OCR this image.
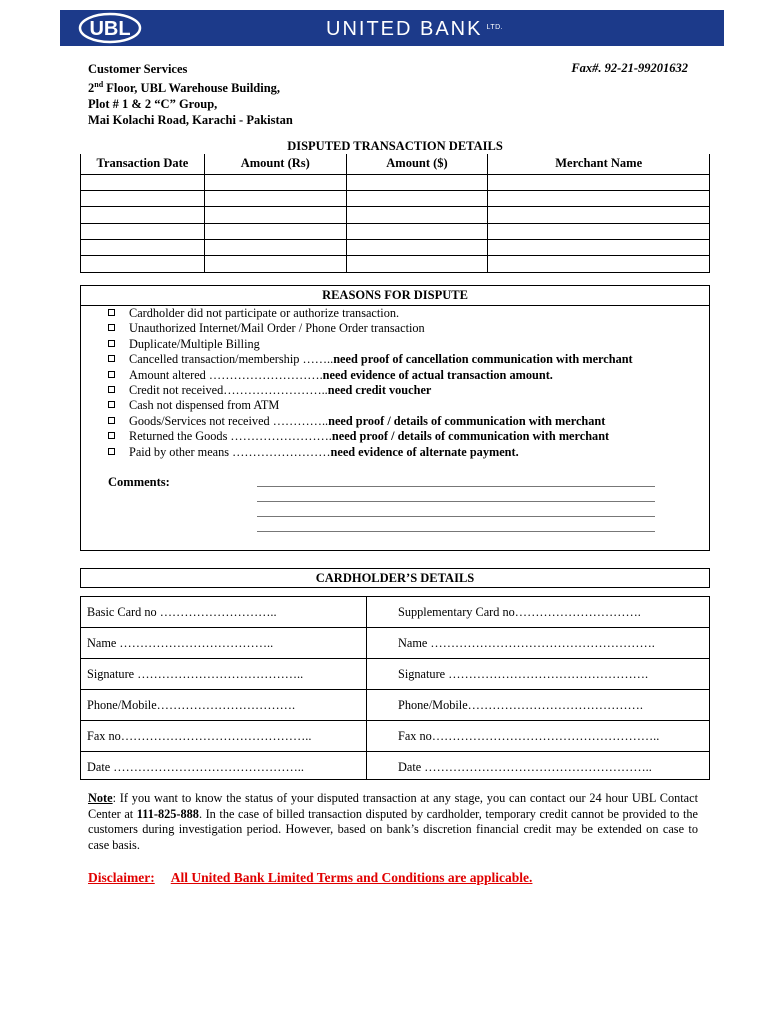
UBL	UNITED BANK $^{LTD.}$
Customer Services
2nd Floor, UBL Warehouse Building,
Plot # 1 & 2 “C” Group,
Mai Kolachi Road, Karachi - Pakistan
Fax#. 92-21-99201632
DISPUTED TRANSACTION DETAILS
Transaction Date	Amount (Rs)	Amount ($)	Merchant Name

REASONS FOR DISPUTE
Cardholder did not participate or authorize transaction.
Unauthorized Internet/Mail Order / Phone Order transaction
Duplicate/Multiple Billing
Cancelled transaction/membership ……..need proof of cancellation communication with merchant
Amount altered ……………………….need evidence of actual transaction amount.
Credit not received……………………..need credit voucher
Cash not dispensed from ATM
Goods/Services not received …………..need proof / details of communication with merchant
Returned the Goods …………………….need proof / details of communication with merchant
Paid by other means ……………………need evidence of alternate payment.
Comments:
CARDHOLDER’S DETAILS
Basic Card no ………………………..	Supplementary Card no………………………….
Name ………………………………..	Name ……………………………………………….
Signature …………………………………..	Signature ………………………………………….
Phone/Mobile…………………………….	Phone/Mobile…………………………………….
Fax no………………………………………..	Fax no………………………………………………..
Date ………………………………………..	Date ………………………………………………..
Note: If you want to know the status of your disputed transaction at any stage, you can contact our 24 hour UBL Contact Center at 111-825-888. In the case of billed transaction disputed by cardholder, temporary credit cannot be provided to the customers during investigation period. However, based on bank’s discretion financial credit may be extended on case to case basis.
Disclaimer: All United Bank Limited Terms and Conditions are applicable.
